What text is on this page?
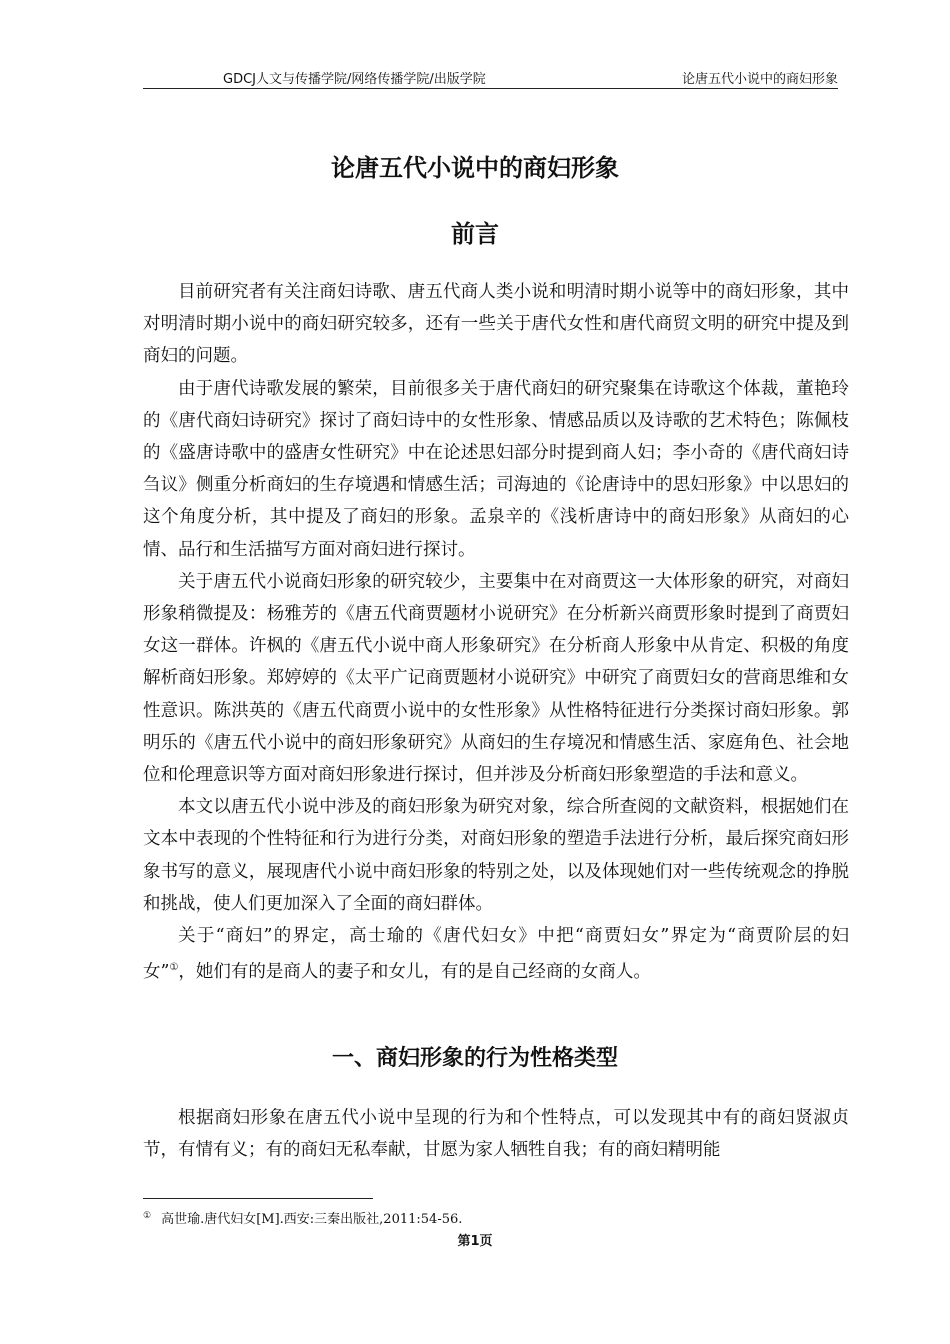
GDCJ人文与传播学院/网络传播学院/出版学院	论唐五代小说中的商妇形象
论唐五代小说中的商妇形象
前言

目前研究者有关注商妇诗歌、唐五代商人类小说和明清时期小说等中的商妇形象，其中对明清时期小说中的商妇研究较多，还有一些关于唐代女性和唐代商贸文明的研究中提及到商妇的问题。

由于唐代诗歌发展的繁荣，目前很多关于唐代商妇的研究聚集在诗歌这个体裁，董艳玲的《唐代商妇诗研究》探讨了商妇诗中的女性形象、情感品质以及诗歌的艺术特色；陈佩枝的《盛唐诗歌中的盛唐女性研究》中在论述思妇部分时提到商人妇；李小奇的《唐代商妇诗刍议》侧重分析商妇的生存境遇和情感生活；司海迪的《论唐诗中的思妇形象》中以思妇的这个角度分析，其中提及了商妇的形象。孟泉辛的《浅析唐诗中的商妇形象》从商妇的心情、品行和生活描写方面对商妇进行探讨。

关于唐五代小说商妇形象的研究较少，主要集中在对商贾这一大体形象的研究，对商妇形象稍微提及：杨雅芳的《唐五代商贾题材小说研究》在分析新兴商贾形象时提到了商贾妇女这一群体。许枫的《唐五代小说中商人形象研究》在分析商人形象中从肯定、积极的角度解析商妇形象。郑婷婷的《太平广记商贾题材小说研究》中研究了商贾妇女的营商思维和女性意识。陈洪英的《唐五代商贾小说中的女性形象》从性格特征进行分类探讨商妇形象。郭明乐的《唐五代小说中的商妇形象研究》从商妇的生存境况和情感生活、家庭角色、社会地位和伦理意识等方面对商妇形象进行探讨，但并涉及分析商妇形象塑造的手法和意义。

本文以唐五代小说中涉及的商妇形象为研究对象，综合所查阅的文献资料，根据她们在文本中表现的个性特征和行为进行分类，对商妇形象的塑造手法进行分析，最后探究商妇形象书写的意义，展现唐代小说中商妇形象的特别之处，以及体现她们对一些传统观念的挣脱和挑战，使人们更加深入了全面的商妇群体。

关于“商妇”的界定，高士瑜的《唐代妇女》中把“商贾妇女”界定为“商贾阶层的妇女”①，她们有的是商人的妻子和女儿，有的是自己经商的女商人。

一、商妇形象的行为性格类型

根据商妇形象在唐五代小说中呈现的行为和个性特点，可以发现其中有的商妇贤淑贞节，有情有义；有的商妇无私奉献，甘愿为家人牺牲自我；有的商妇精明能

① 高世瑜.唐代妇女[M].西安:三秦出版社,2011:54-56.
第1页
